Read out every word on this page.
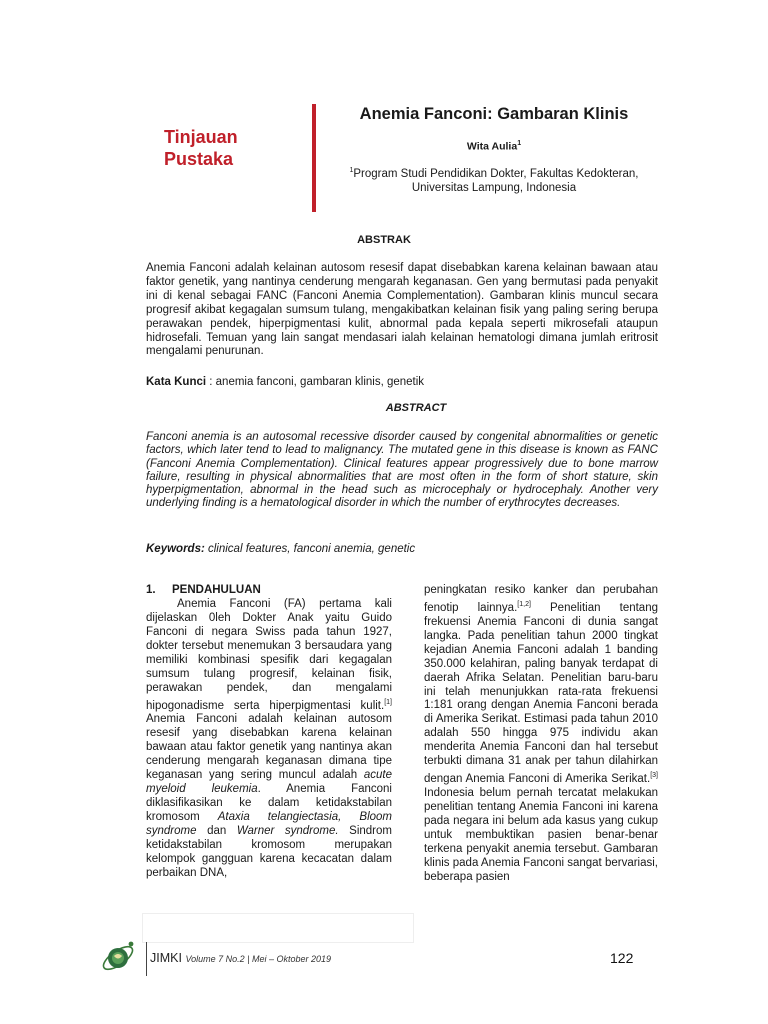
Tinjauan Pustaka
Anemia Fanconi: Gambaran Klinis
Wita Aulia$^1$
$^1$Program Studi Pendidikan Dokter, Fakultas Kedokteran, Universitas Lampung, Indonesia
ABSTRAK

Anemia Fanconi adalah kelainan autosom resesif dapat disebabkan karena kelainan bawaan atau faktor genetik, yang nantinya cenderung mengarah keganasan. Gen yang bermutasi pada penyakit ini di kenal sebagai FANC (Fanconi Anemia Complementation). Gambaran klinis muncul secara progresif akibat kegagalan sumsum tulang, mengakibatkan kelainan fisik yang paling sering berupa perawakan pendek, hiperpigmentasi kulit, abnormal pada kepala seperti mikrosefali ataupun hidrosefali. Temuan yang lain sangat mendasari ialah kelainan hematologi dimana jumlah eritrosit mengalami penurunan.

Kata Kunci : anemia fanconi, gambaran klinis, genetik

ABSTRACT

Fanconi anemia is an autosomal recessive disorder caused by congenital abnormalities or genetic factors, which later tend to lead to malignancy. The mutated gene in this disease is known as FANC (Fanconi Anemia Complementation). Clinical features appear progressively due to bone marrow failure, resulting in physical abnormalities that are most often in the form of short stature, skin hyperpigmentation, abnormal in the head such as microcephaly or hydrocephaly. Another very underlying finding is a hematological disorder in which the number of erythrocytes decreases.

Keywords: clinical features, fanconi anemia, genetic

1.	PENDAHULUAN

Anemia Fanconi (FA) pertama kali dijelaskan 0leh Dokter Anak yaitu Guido Fanconi di negara Swiss pada tahun 1927, dokter tersebut menemukan 3 bersaudara yang memiliki kombinasi spesifik dari kegagalan sumsum tulang progresif, kelainan fisik, perawakan pendek, dan mengalami hipogonadisme serta hiperpigmentasi kulit.[1] Anemia Fanconi adalah kelainan autosom resesif yang disebabkan karena kelainan bawaan atau faktor genetik yang nantinya akan cenderung mengarah keganasan dimana tipe keganasan yang sering muncul adalah acute myeloid leukemia. Anemia Fanconi diklasifikasikan ke dalam ketidakstabilan kromosom Ataxia telangiectasia, Bloom syndrome dan Warner syndrome. Sindrom ketidakstabilan kromosom merupakan kelompok gangguan karena kecacatan dalam perbaikan DNA,

peningkatan resiko kanker dan perubahan fenotip lainnya.[1,2] Penelitian tentang frekuensi Anemia Fanconi di dunia sangat langka. Pada penelitian tahun 2000 tingkat kejadian Anemia Fanconi adalah 1 banding 350.000 kelahiran, paling banyak terdapat di daerah Afrika Selatan. Penelitian baru-baru ini telah menunjukkan rata-rata frekuensi 1:181 orang dengan Anemia Fanconi berada di Amerika Serikat. Estimasi pada tahun 2010 adalah 550 hingga 975 individu akan menderita Anemia Fanconi dan hal tersebut terbukti dimana 31 anak per tahun dilahirkan dengan Anemia Fanconi di Amerika Serikat.[3] Indonesia belum pernah tercatat melakukan penelitian tentang Anemia Fanconi ini karena pada negara ini belum ada kasus yang cukup untuk membuktikan pasien benar-benar terkena penyakit anemia tersebut. Gambaran klinis pada Anemia Fanconi sangat bervariasi, beberapa pasien

JIMKI Volume 7 No.2 | Mei – Oktober 2019	122
